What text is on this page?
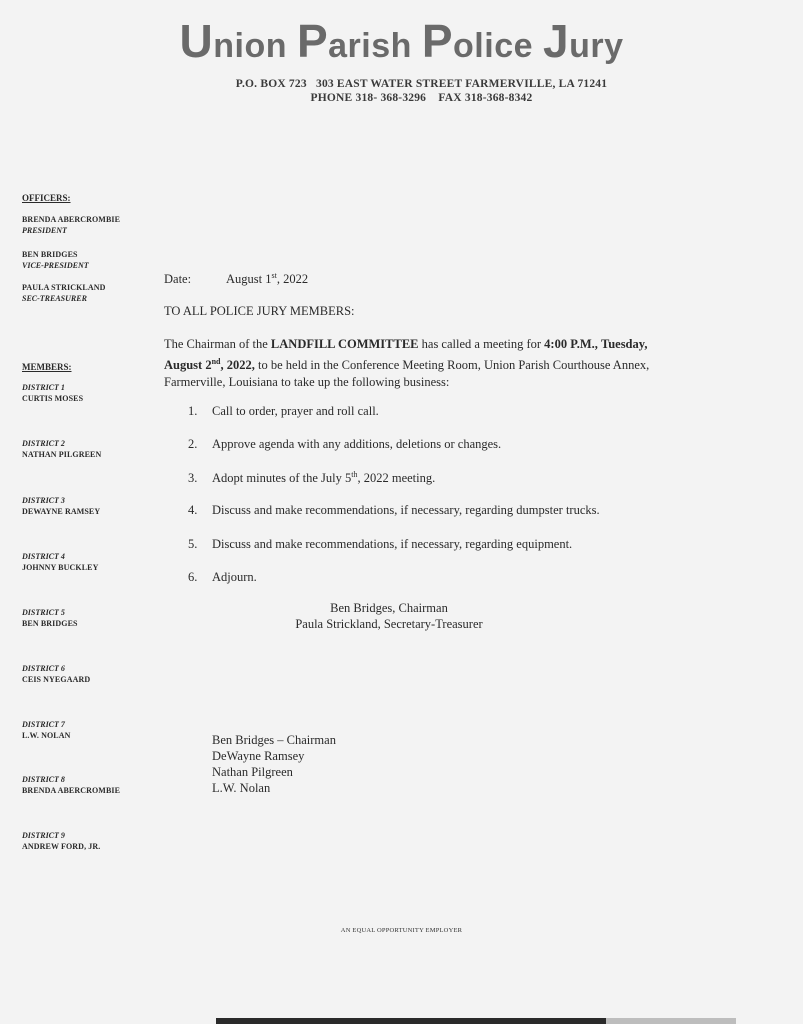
Union Parish Police Jury
P.O. BOX 723   303 EAST WATER STREET FARMERVILLE, LA 71241
PHONE 318- 368-3296    FAX 318-368-8342
OFFICERS:
BRENDA ABERCROMBIE
PRESIDENT
BEN BRIDGES
VICE-PRESIDENT
PAULA STRICKLAND
SEC-TREASURER
MEMBERS:
DISTRICT 1
CURTIS MOSES
DISTRICT 2
NATHAN PILGREEN
DISTRICT 3
DEWAYNE RAMSEY
DISTRICT 4
JOHNNY BUCKLEY
DISTRICT 5
BEN BRIDGES
DISTRICT 6
CEIS NYEGAARD
DISTRICT 7
L.W. NOLAN
DISTRICT 8
BRENDA ABERCROMBIE
DISTRICT 9
ANDREW FORD, JR.
Date:	August 1st, 2022
TO ALL POLICE JURY MEMBERS:
The Chairman of the LANDFILL COMMITTEE has called a meeting for 4:00 P.M., Tuesday, August 2nd, 2022, to be held in the Conference Meeting Room, Union Parish Courthouse Annex, Farmerville, Louisiana to take up the following business:
1. Call to order, prayer and roll call.
2. Approve agenda with any additions, deletions or changes.
3. Adopt minutes of the July 5th, 2022 meeting.
4. Discuss and make recommendations, if necessary, regarding dumpster trucks.
5. Discuss and make recommendations, if necessary, regarding equipment.
6. Adjourn.
Ben Bridges, Chairman
Paula Strickland, Secretary-Treasurer
Ben Bridges – Chairman
DeWayne Ramsey
Nathan Pilgreen
L.W. Nolan
AN EQUAL OPPORTUNITY EMPLOYER
